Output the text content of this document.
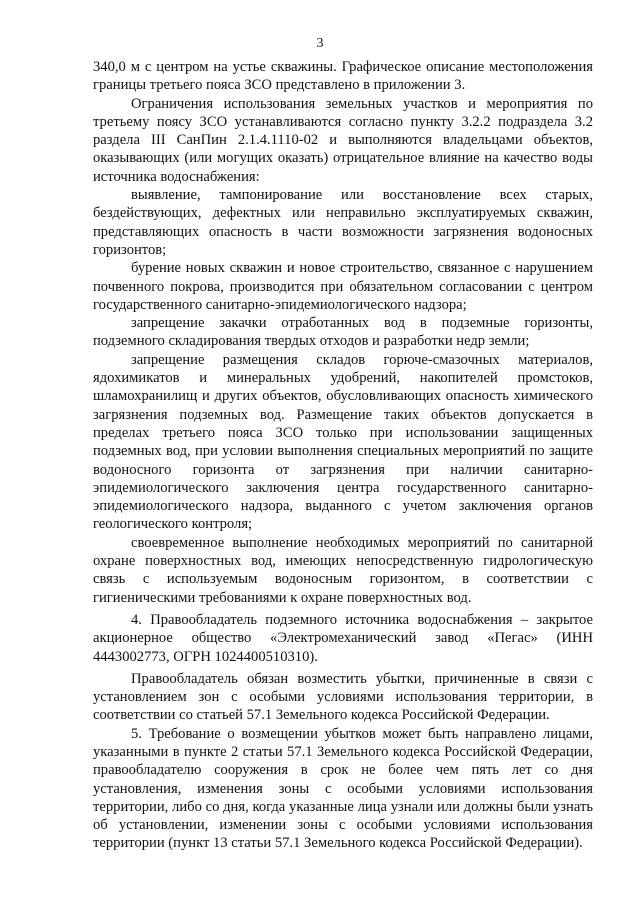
3

340,0 м с центром на устье скважины. Графическое описание местоположения границы третьего пояса ЗСО представлено в приложении 3.

Ограничения использования земельных участков и мероприятия по третьему поясу ЗСО устанавливаются согласно пункту 3.2.2 подраздела 3.2 раздела III СанПин 2.1.4.1110-02 и выполняются владельцами объектов, оказывающих (или могущих оказать) отрицательное влияние на качество воды источника водоснабжения:

выявление, тампонирование или восстановление всех старых, бездействующих, дефектных или неправильно эксплуатируемых скважин, представляющих опасность в части возможности загрязнения водоносных горизонтов;

бурение новых скважин и новое строительство, связанное с нарушением почвенного покрова, производится при обязательном согласовании с центром государственного санитарно-эпидемиологического надзора;

запрещение закачки отработанных вод в подземные горизонты, подземного складирования твердых отходов и разработки недр земли;

запрещение размещения складов горюче-смазочных материалов, ядохимикатов и минеральных удобрений, накопителей промстоков, шламохранилищ и других объектов, обусловливающих опасность химического загрязнения подземных вод. Размещение таких объектов допускается в пределах третьего пояса ЗСО только при использовании защищенных подземных вод, при условии выполнения специальных мероприятий по защите водоносного горизонта от загрязнения при наличии санитарно-эпидемиологического заключения центра государственного санитарно-эпидемиологического надзора, выданного с учетом заключения органов геологического контроля;

своевременное выполнение необходимых мероприятий по санитарной охране поверхностных вод, имеющих непосредственную гидрологическую связь с используемым водоносным горизонтом, в соответствии с гигиеническими требованиями к охране поверхностных вод.

4. Правообладатель подземного источника водоснабжения – закрытое акционерное общество «Электромеханический завод «Пегас» (ИНН 4443002773, ОГРН 1024400510310).

Правообладатель обязан возместить убытки, причиненные в связи с установлением зон с особыми условиями использования территории, в соответствии со статьей 57.1 Земельного кодекса Российской Федерации.

5. Требование о возмещении убытков может быть направлено лицами, указанными в пункте 2 статьи 57.1 Земельного кодекса Российской Федерации, правообладателю сооружения в срок не более чем пять лет со дня установления, изменения зоны с особыми условиями использования территории, либо со дня, когда указанные лица узнали или должны были узнать об установлении, изменении зоны с особыми условиями использования территории (пункт 13 статьи 57.1 Земельного кодекса Российской Федерации).
